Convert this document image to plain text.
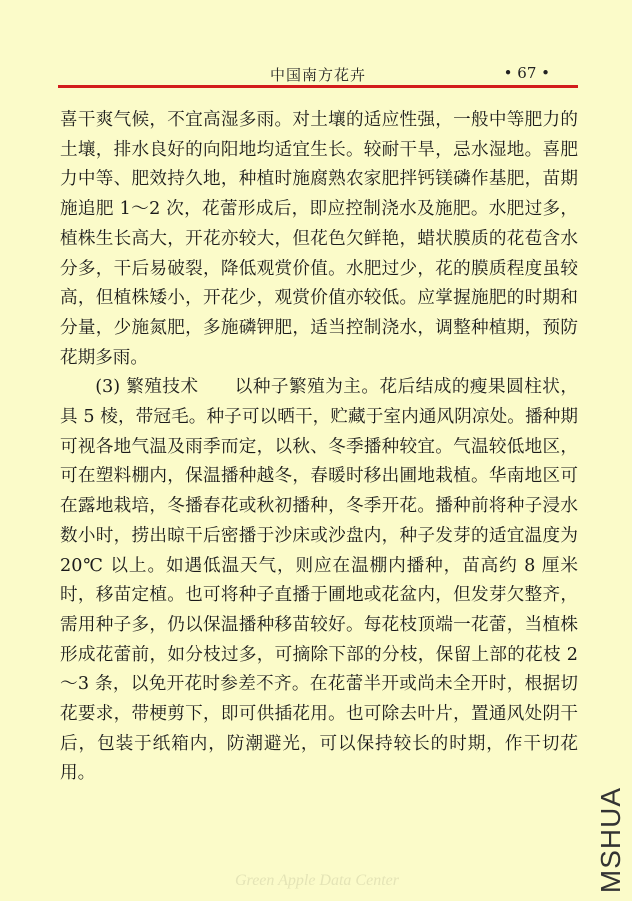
中国南方花卉	• 67 •

喜干爽气候，不宜高湿多雨。对土壤的适应性强，一般中等肥力的土壤，排水良好的向阳地均适宜生长。较耐干旱，忌水湿地。喜肥力中等、肥效持久地，种植时施腐熟农家肥拌钙镁磷作基肥，苗期施追肥 1～2 次，花蕾形成后，即应控制浇水及施肥。水肥过多，植株生长高大，开花亦较大，但花色欠鲜艳，蜡状膜质的花苞含水分多，干后易破裂，降低观赏价值。水肥过少，花的膜质程度虽较高，但植株矮小，开花少，观赏价值亦较低。应掌握施肥的时期和分量，少施氮肥，多施磷钾肥，适当控制浇水，调整种植期，预防花期多雨。

(3) 繁殖技术　　 以种子繁殖为主。花后结成的瘦果圆柱状，具 5 棱，带冠毛。种子可以晒干，贮藏于室内通风阴凉处。播种期可视各地气温及雨季而定，以秋、冬季播种较宜。气温较低地区，可在塑料棚内，保温播种越冬，春暖时移出圃地栽植。华南地区可在露地栽培，冬播春花或秋初播种，冬季开花。播种前将种子浸水数小时，捞出晾干后密播于沙床或沙盘内，种子发芽的适宜温度为 20℃ 以上。如遇低温天气，则应在温棚内播种，苗高约 8 厘米时，移苗定植。也可将种子直播于圃地或花盆内，但发芽欠整齐，需用种子多，仍以保温播种移苗较好。每花枝顶端一花蕾，当植株形成花蕾前，如分枝过多，可摘除下部的分枝，保留上部的花枝 2～3 条，以免开花时参差不齐。在花蕾半开或尚未全开时，根据切花要求，带梗剪下，即可供插花用。也可除去叶片，置通风处阴干后，包装于纸箱内，防潮避光，可以保持较长的时期，作干切花用。

Green Apple Data Center	MSHUA
